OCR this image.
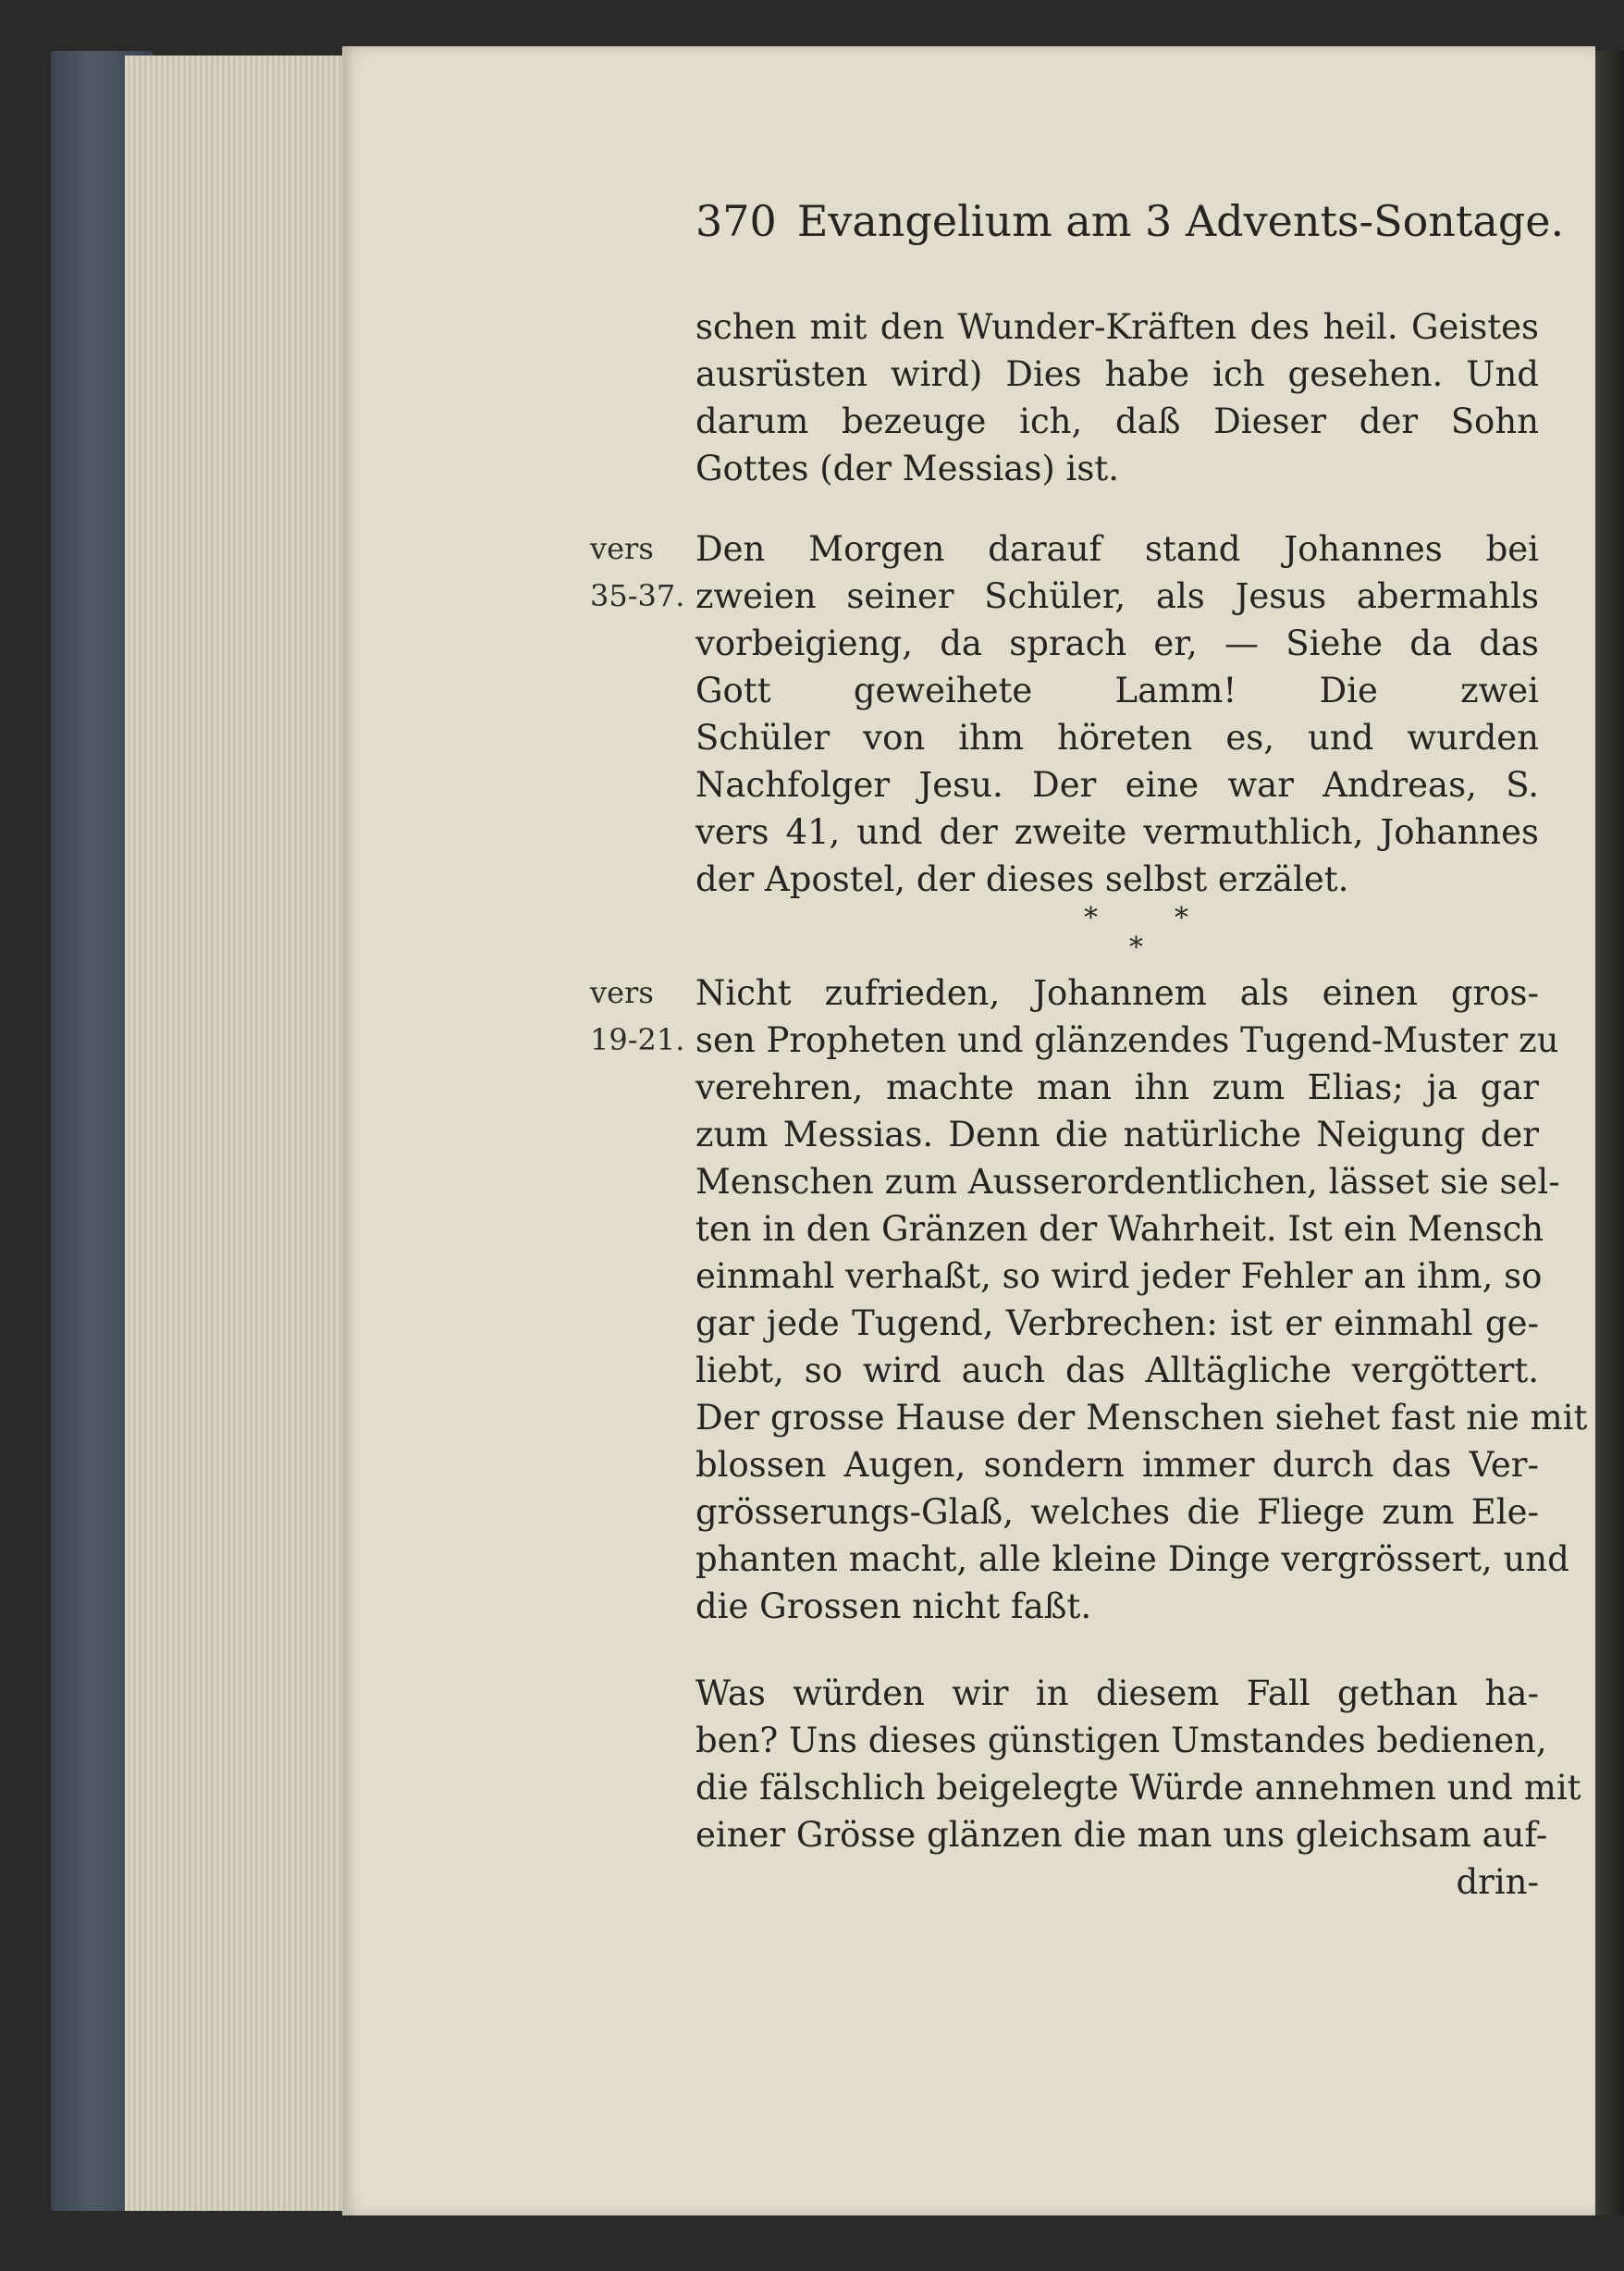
370 Evangelium am 3 Advents-Sontage.
vers
35-37.
vers
19-21.
schen mit den Wunder-Kräften des heil. Geistes
ausrüsten wird) Dies habe ich gesehen. Und
darum bezeuge ich, daß Dieser der Sohn
Gottes (der Messias) ist.
Den Morgen darauf stand Johannes bei
zweien seiner Schüler, als Jesus abermahls
vorbeigieng, da sprach er, — Siehe da das
Gott geweihete Lamm! Die zwei
Schüler von ihm höreten es, und wurden
Nachfolger Jesu. Der eine war Andreas, S.
vers 41, und der zweite vermuthlich, Johannes
der Apostel, der dieses selbst erzälet.
*	*
*
Nicht zufrieden, Johannem als einen gros-
sen Propheten und glänzendes Tugend-Muster zu
verehren, machte man ihn zum Elias; ja gar
zum Messias. Denn die natürliche Neigung der
Menschen zum Ausserordentlichen, lässet sie sel-
ten in den Gränzen der Wahrheit. Ist ein Mensch
einmahl verhaßt, so wird jeder Fehler an ihm, so
gar jede Tugend, Verbrechen: ist er einmahl ge-
liebt, so wird auch das Alltägliche vergöttert.
Der grosse Hause der Menschen siehet fast nie mit
blossen Augen, sondern immer durch das Ver-
grösserungs-Glaß, welches die Fliege zum Ele-
phanten macht, alle kleine Dinge vergrössert, und
die Grossen nicht faßt.
Was würden wir in diesem Fall gethan ha-
ben? Uns dieses günstigen Umstandes bedienen,
die fälschlich beigelegte Würde annehmen und mit
einer Grösse glänzen die man uns gleichsam auf-
drin-
